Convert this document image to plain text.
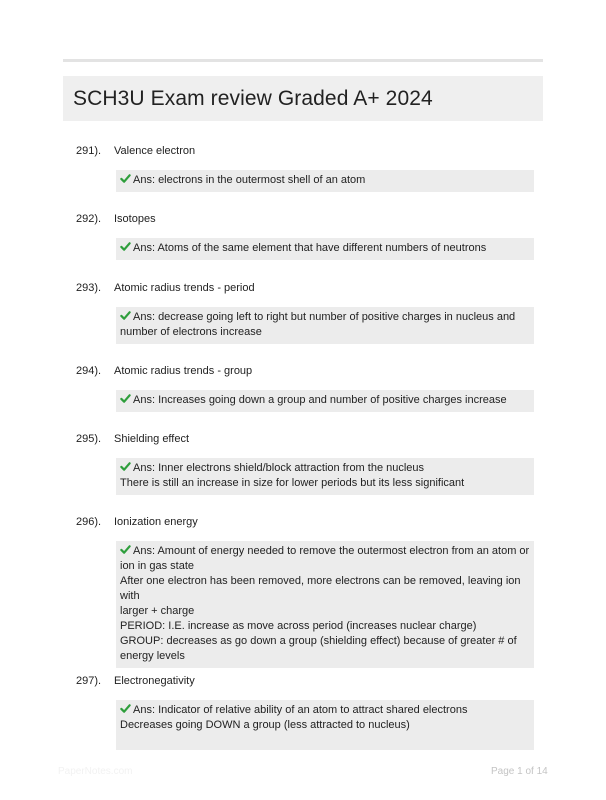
SCH3U Exam review Graded A+ 2024
291). Valence electron
Ans: electrons in the outermost shell of an atom
292). Isotopes
Ans: Atoms of the same element that have different numbers of neutrons
293). Atomic radius trends - period
Ans: decrease going left to right but number of positive charges in nucleus and
number of electrons increase
294). Atomic radius trends - group
Ans: Increases going down a group and number of positive charges increase
295). Shielding effect
Ans: Inner electrons shield/block attraction from the nucleus
There is still an increase in size for lower periods but its less significant
296). Ionization energy
Ans: Amount of energy needed to remove the outermost electron from an atom or
ion in gas state
After one electron has been removed, more electrons can be removed, leaving ion with
larger + charge
PERIOD: I.E. increase as move across period (increases nuclear charge)
GROUP: decreases as go down a group (shielding effect) because of greater # of
energy levels
297). Electronegativity
Ans: Indicator of relative ability of an atom to attract shared electrons
Decreases going DOWN a group (less attracted to nucleus)
PaperNotes.com	Page 1 of 14
